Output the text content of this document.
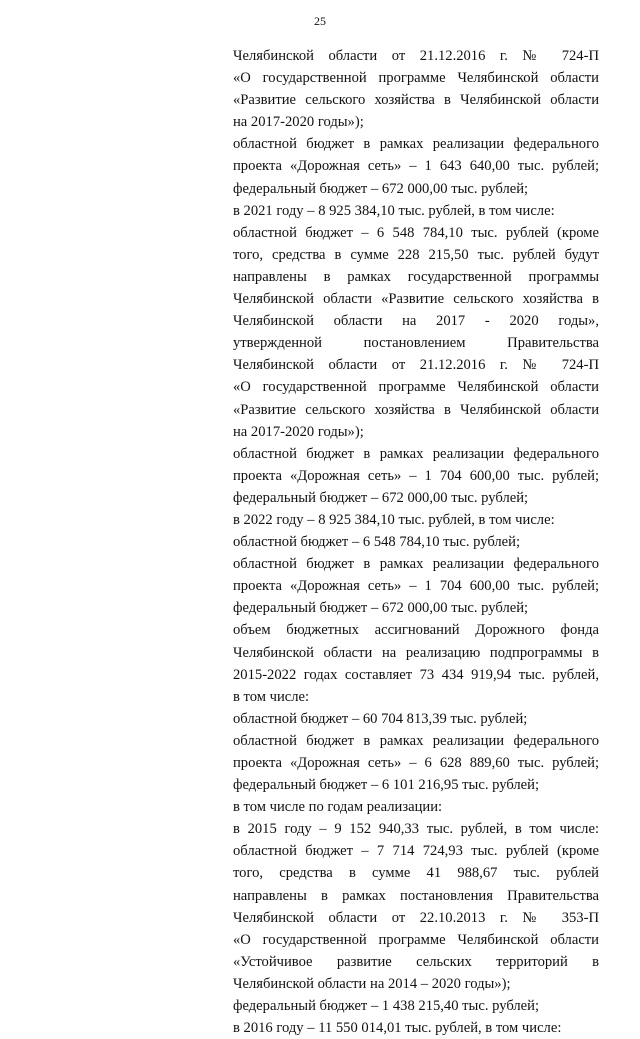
25
Челябинской области от 21.12.2016 г. № 724-П
«О государственной программе Челябинской области
«Развитие сельского хозяйства в Челябинской области
на 2017-2020 годы»);
областной бюджет в рамках реализации федерального
проекта «Дорожная сеть» – 1 643 640,00 тыс. рублей;
федеральный бюджет – 672 000,00 тыс. рублей;
в 2021 году – 8 925 384,10 тыс. рублей, в том числе:
областной бюджет – 6 548 784,10 тыс. рублей (кроме
того, средства в сумме 228 215,50 тыс. рублей будут
направлены в рамках государственной программы
Челябинской области «Развитие сельского хозяйства в
Челябинской области на 2017 - 2020 годы»,
утвержденной постановлением Правительства
Челябинской области от 21.12.2016 г. № 724-П
«О государственной программе Челябинской области
«Развитие сельского хозяйства в Челябинской области
на 2017-2020 годы»);
областной бюджет в рамках реализации федерального
проекта «Дорожная сеть» – 1 704 600,00 тыс. рублей;
федеральный бюджет – 672 000,00 тыс. рублей;
в 2022 году – 8 925 384,10 тыс. рублей, в том числе:
областной бюджет – 6 548 784,10 тыс. рублей;
областной бюджет в рамках реализации федерального
проекта «Дорожная сеть» – 1 704 600,00 тыс. рублей;
федеральный бюджет – 672 000,00 тыс. рублей;
объем бюджетных ассигнований Дорожного фонда
Челябинской области на реализацию подпрограммы в
2015-2022 годах составляет 73 434 919,94 тыс. рублей,
в том числе:
областной бюджет – 60 704 813,39 тыс. рублей;
областной бюджет в рамках реализации федерального
проекта «Дорожная сеть» – 6 628 889,60 тыс. рублей;
федеральный бюджет – 6 101 216,95 тыс. рублей;
в том числе по годам реализации:
в 2015 году – 9 152 940,33 тыс. рублей, в том числе:
областной бюджет – 7 714 724,93 тыс. рублей (кроме
того, средства в сумме 41 988,67 тыс. рублей
направлены в рамках постановления Правительства
Челябинской области от 22.10.2013 г. № 353-П
«О государственной программе Челябинской области
«Устойчивое развитие сельских территорий в
Челябинской области на 2014 – 2020 годы»);
федеральный бюджет – 1 438 215,40 тыс. рублей;
в 2016 году – 11 550 014,01 тыс. рублей, в том числе:
